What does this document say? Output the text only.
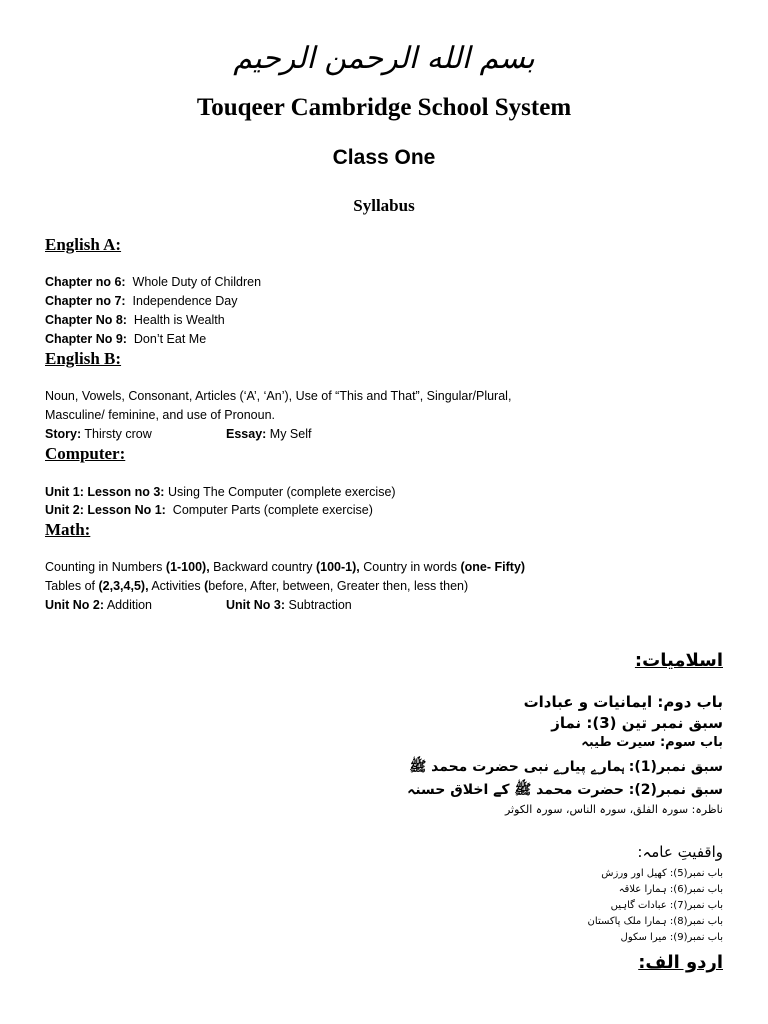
بسم الله الرحمن الرحيم
Touqeer Cambridge School System
Class One
Syllabus
English A:
Chapter no 6: Whole Duty of Children
Chapter no 7: Independence Day
Chapter No 8: Health is Wealth
Chapter No 9: Don’t Eat Me
English B:
Noun, Vowels, Consonant, Articles (‘A’, ‘An’), Use of “This and That”, Singular/Plural,
Masculine/ feminine, and use of Pronoun.
Story: Thirsty crow	Essay: My Self
Computer:
Unit 1: Lesson no 3: Using The Computer (complete exercise)
Unit 2: Lesson No 1: Computer Parts (complete exercise)
Math:
Counting in Numbers (1-100), Backward country (100-1), Country in words (one- Fifty)
Tables of (2,3,4,5), Activities (before, After, between, Greater then, less then)
Unit No 2: Addition	Unit No 3: Subtraction
اسلامیات:
باب دوم: ایمانیات و عبادات
سبق نمبر تین (3): نماز
باب سوم: سیرت طیبہ
سبق نمبر(1): ہمارے پیارے نبی حضرت محمد ﷺ
سبق نمبر(2): حضرت محمد ﷺ کے اخلاق حسنہ
ناظرہ: سورہ الفلق، سورہ الناس، سورہ الکوثر
واقفیتِ عامہ:
باب نمبر(5): کھیل اور ورزش
باب نمبر(6): ہمارا علاقہ
باب نمبر(7): عبادات گاہیں
باب نمبر(8): ہمارا ملک پاکستان
باب نمبر(9): میرا سکول
اردو الف:
